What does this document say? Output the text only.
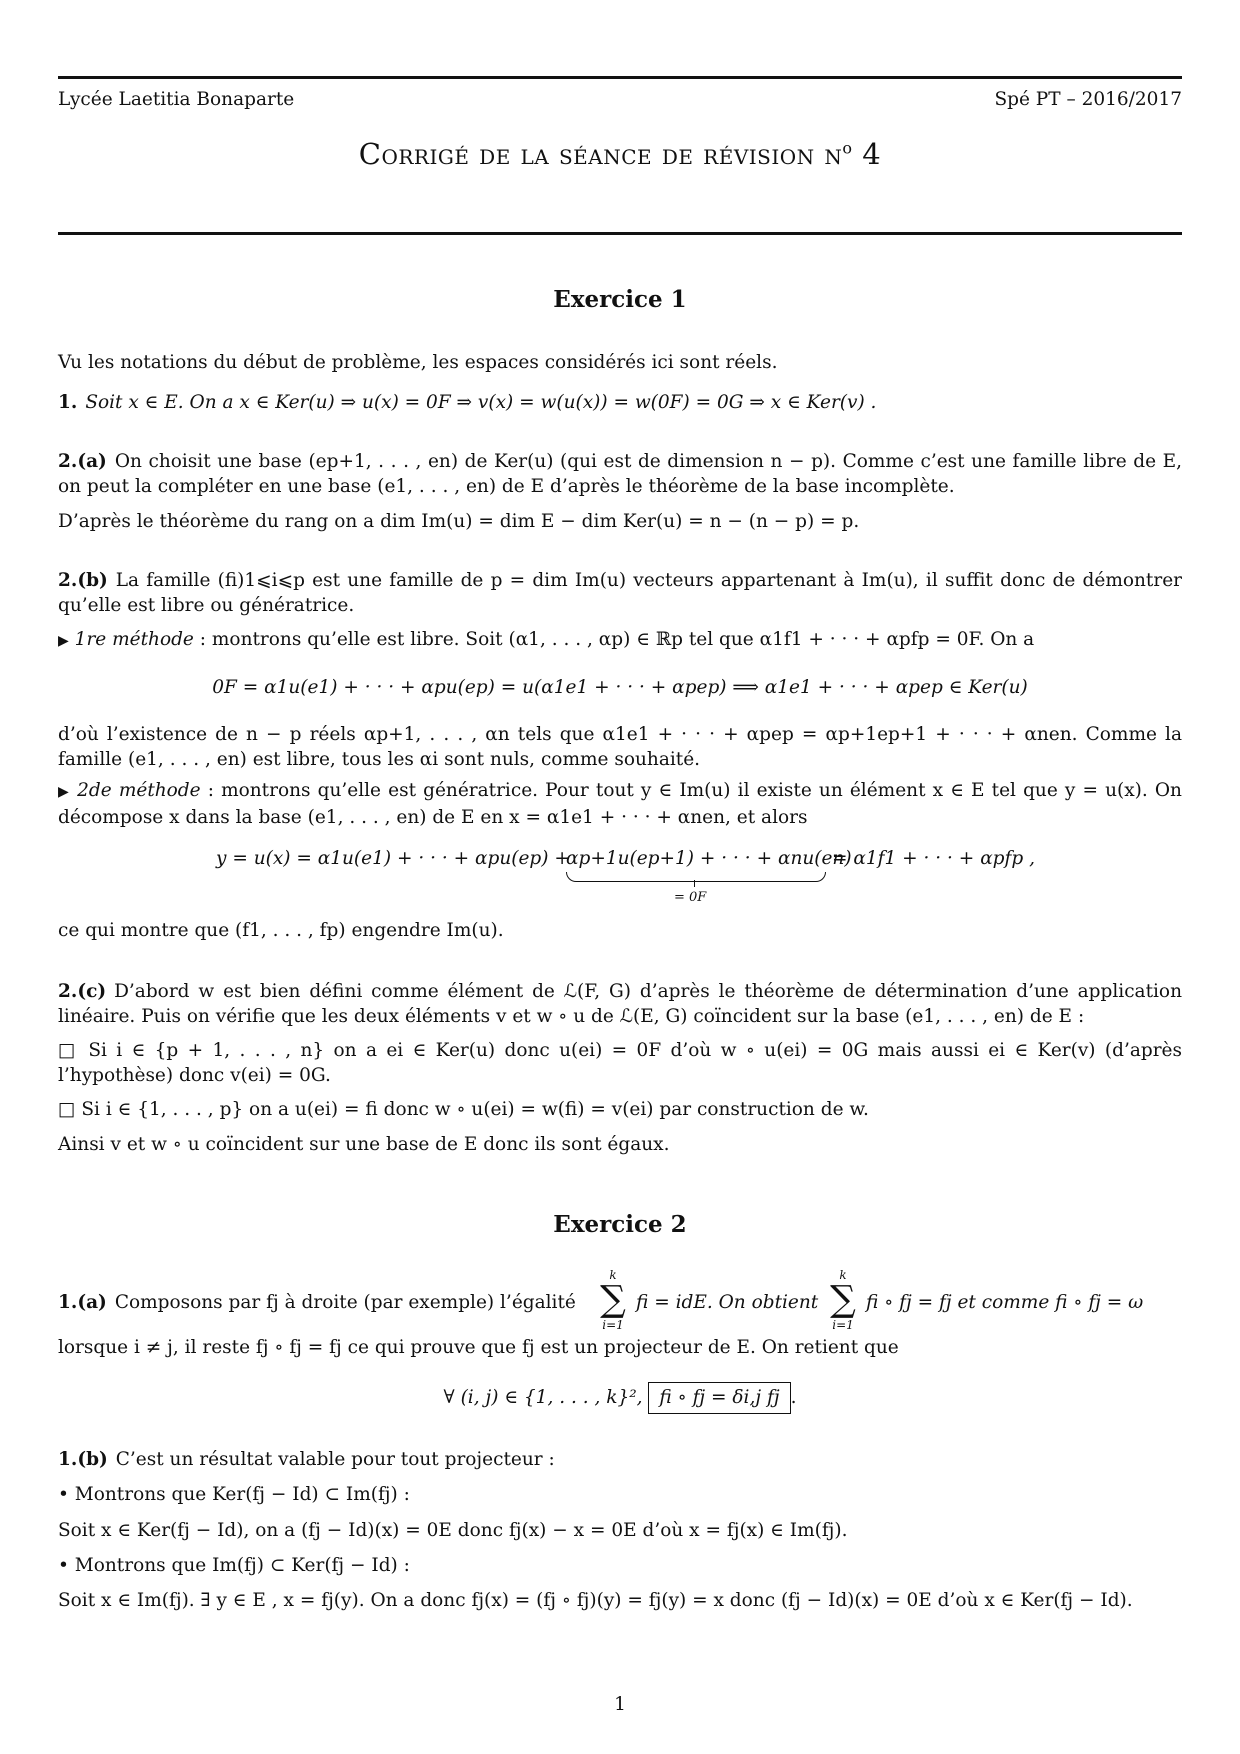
Lycée Laetitia Bonaparte	Spé PT – 2016/2017
Corrigé de la séance de révision $n^o$ 4
Exercice 1
Vu les notations du début de problème, les espaces considérés ici sont réels.
1. Soit x ∈ E. On a x ∈ Ker(u) ⇒ u(x) = 0F ⇒ v(x) = w(u(x)) = w(0F) = 0G ⇒ x ∈ Ker(v) .
2.(a) On choisit une base (ep+1, . . . , en) de Ker(u) (qui est de dimension n − p). Comme c’est une famille libre de E, on peut la compléter en une base (e1, . . . , en) de E d’après le théorème de la base incomplète.
D’après le théorème du rang on a dim Im(u) = dim E − dim Ker(u) = n − (n − p) = p.
2.(b) La famille (fi)1⩽i⩽p est une famille de p = dim Im(u) vecteurs appartenant à Im(u), il suffit donc de démontrer qu’elle est libre ou génératrice.
▶ 1re méthode : montrons qu’elle est libre. Soit (α1, . . . , αp) ∈ ℝp tel que α1f1 + · · · + αpfp = 0F. On a
0F = α1u(e1) + · · · + αpu(ep) = u(α1e1 + · · · + αpep) ⟹ α1e1 + · · · + αpep ∈ Ker(u)
d’où l’existence de n − p réels αp+1, . . . , αn tels que α1e1 + · · · + αpep = αp+1ep+1 + · · · + αnen. Comme la famille (e1, . . . , en) est libre, tous les αi sont nuls, comme souhaité.
▶ 2de méthode : montrons qu’elle est génératrice. Pour tout y ∈ Im(u) il existe un élément x ∈ E tel que y = u(x). On décompose x dans la base (e1, . . . , en) de E en x = α1e1 + · · · + αnen, et alors
y = u(x) = α1u(e1) + · · · + αpu(ep) +
αp+1u(ep+1) + · · · + αnu(en)
= 0F
= α1f1 + · · · + αpfp ,
ce qui montre que (f1, . . . , fp) engendre Im(u).
2.(c) D’abord w est bien défini comme élément de ℒ(F, G) d’après le théorème de détermination d’une application linéaire. Puis on vérifie que les deux éléments v et w ∘ u de ℒ(E, G) coïncident sur la base (e1, . . . , en) de E :
□ Si i ∈ {p + 1, . . . , n} on a ei ∈ Ker(u) donc u(ei) = 0F d’où w ∘ u(ei) = 0G mais aussi ei ∈ Ker(v) (d’après l’hypothèse) donc v(ei) = 0G.
□ Si i ∈ {1, . . . , p} on a u(ei) = fi donc w ∘ u(ei) = w(fi) = v(ei) par construction de w.
Ainsi v et w ∘ u coïncident sur une base de E donc ils sont égaux.
Exercice 2
1.(a) Composons par fj à droite (par exemple) l’égalité
k
∑
i=1
fi = idE. On obtient
k
∑
i=1
fi ∘ fj = fj et comme fi ∘ fj = ω
lorsque i ≠ j, il reste fj ∘ fj = fj ce qui prouve que fj est un projecteur de E. On retient que
∀ (i, j) ∈ {1, . . . , k}², fi ∘ fj = δi,j fj .
1.(b) C’est un résultat valable pour tout projecteur :
• Montrons que Ker(fj − Id) ⊂ Im(fj) :
Soit x ∈ Ker(fj − Id), on a (fj − Id)(x) = 0E donc fj(x) − x = 0E d’où x = fj(x) ∈ Im(fj).
• Montrons que Im(fj) ⊂ Ker(fj − Id) :
Soit x ∈ Im(fj). ∃ y ∈ E , x = fj(y). On a donc fj(x) = (fj ∘ fj)(y) = fj(y) = x donc (fj − Id)(x) = 0E d’où x ∈ Ker(fj − Id).
1
